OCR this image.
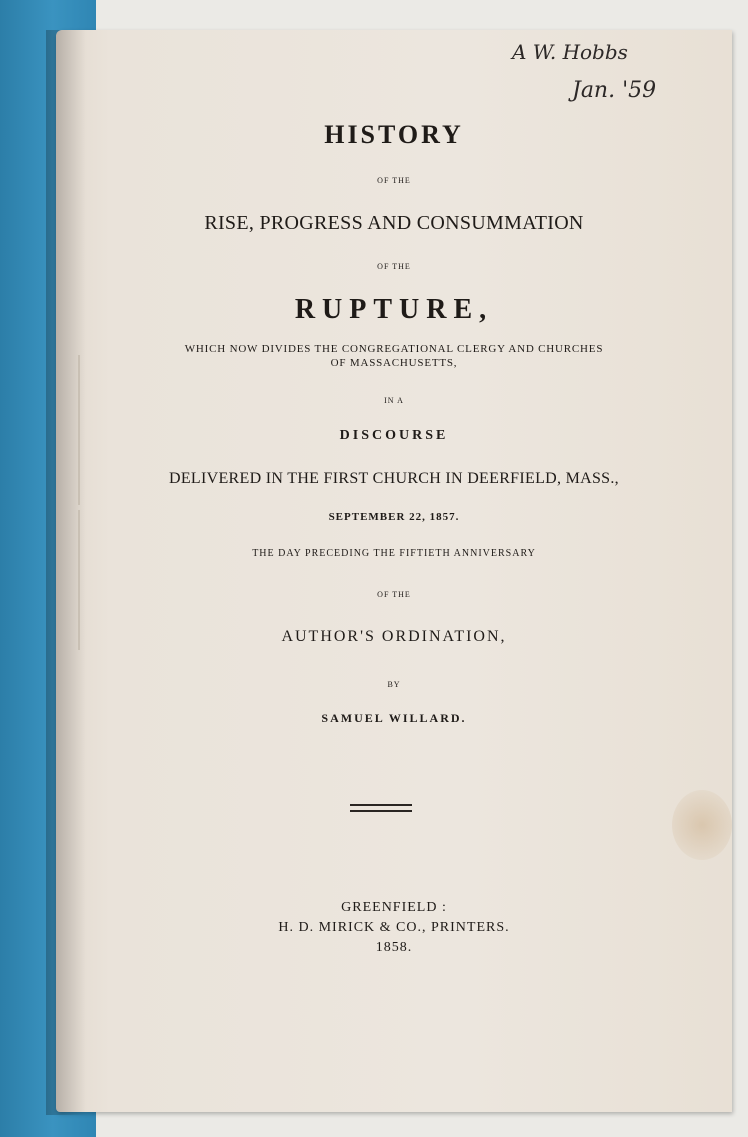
A W. Hobbs
Jan. '59
HISTORY
OF THE
RISE, PROGRESS AND CONSUMMATION
OF THE
RUPTURE,
WHICH NOW DIVIDES THE CONGREGATIONAL CLERGY AND CHURCHES
OF MASSACHUSETTS,
IN A
DISCOURSE
DELIVERED IN THE FIRST CHURCH IN DEERFIELD, MASS.,
SEPTEMBER 22, 1857.
THE DAY PRECEDING THE FIFTIETH ANNIVERSARY
OF THE
AUTHOR'S ORDINATION,
BY
SAMUEL WILLARD.
GREENFIELD :
H. D. MIRICK & CO., PRINTERS.
1858.
